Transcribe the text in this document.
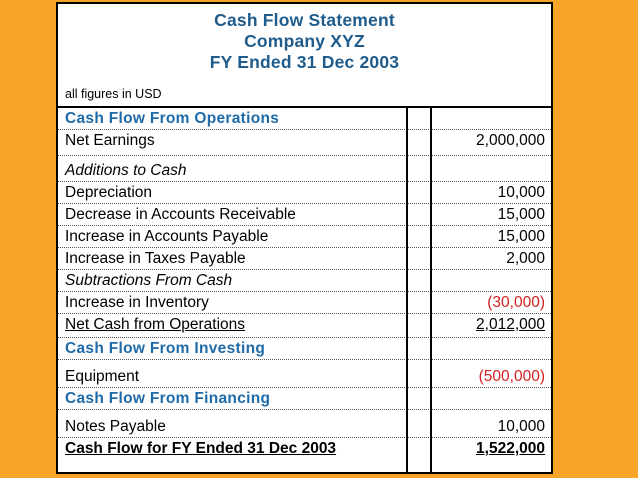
Cash Flow Statement
Company XYZ
FY Ended 31 Dec 2003
all figures in USD
Cash Flow From Operations
Net Earnings	2,000,000
Additions to Cash
Depreciation	10,000
Decrease in Accounts Receivable	15,000
Increase in Accounts Payable	15,000
Increase in Taxes Payable	2,000
Subtractions From Cash
Increase in Inventory	(30,000)
Net Cash from Operations	2,012,000
Cash Flow From Investing
Equipment	(500,000)
Cash Flow From Financing
Notes Payable	10,000
Cash Flow for FY Ended 31 Dec 2003	1,522,000
